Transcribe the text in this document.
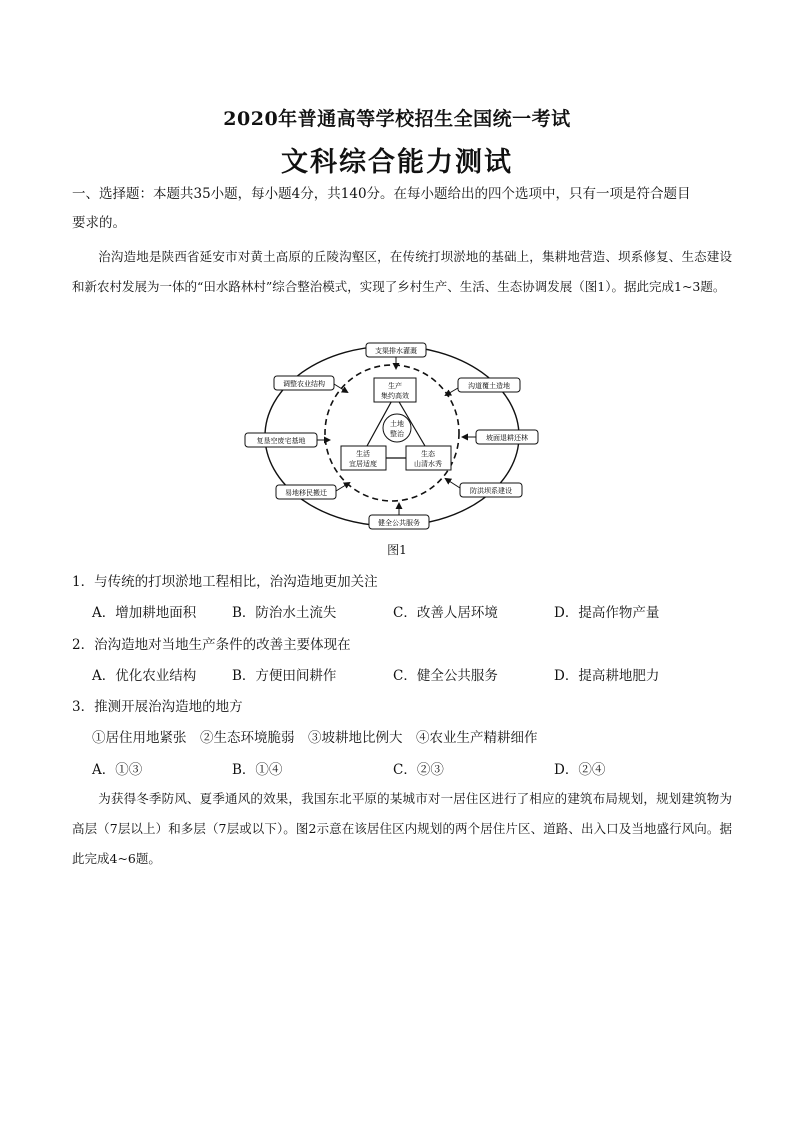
2020年普通高等学校招生全国统一考试
文科综合能力测试
一、选择题：本题共35小题，每小题4分，共140分。在每小题给出的四个选项中，只有一项是符合题目
要求的。
治沟造地是陕西省延安市对黄土高原的丘陵沟壑区，在传统打坝淤地的基础上，集耕地营造、坝系修复、生态建设和新农村发展为一体的“田水路林村”综合整治模式，实现了乡村生产、生活、生态协调发展（图1）。据此完成1~3题。
生产
集约高效
生活
宜居适度
生态
山清水秀
土地
整治
支渠排水灌溉
沟道覆土造地
坡面退耕还林
防洪坝系建设
健全公共服务
易地移民搬迁
复垦空废宅基地
调整农业结构
图1
1．与传统的打坝淤地工程相比，治沟造地更加关注
A．增加耕地面积	B．防治水土流失	C．改善人居环境	D．提高作物产量
2．治沟造地对当地生产条件的改善主要体现在
A．优化农业结构	B．方便田间耕作	C．健全公共服务	D．提高耕地肥力
3．推测开展治沟造地的地方
①居住用地紧张　②生态环境脆弱　③坡耕地比例大　④农业生产精耕细作
A．①③	B．①④	C．②③	D．②④
为获得冬季防风、夏季通风的效果，我国东北平原的某城市对一居住区进行了相应的建筑布局规划，规划建筑物为高层（7层以上）和多层（7层或以下）。图2示意在该居住区内规划的两个居住片区、道路、出入口及当地盛行风向。据此完成4~6题。
